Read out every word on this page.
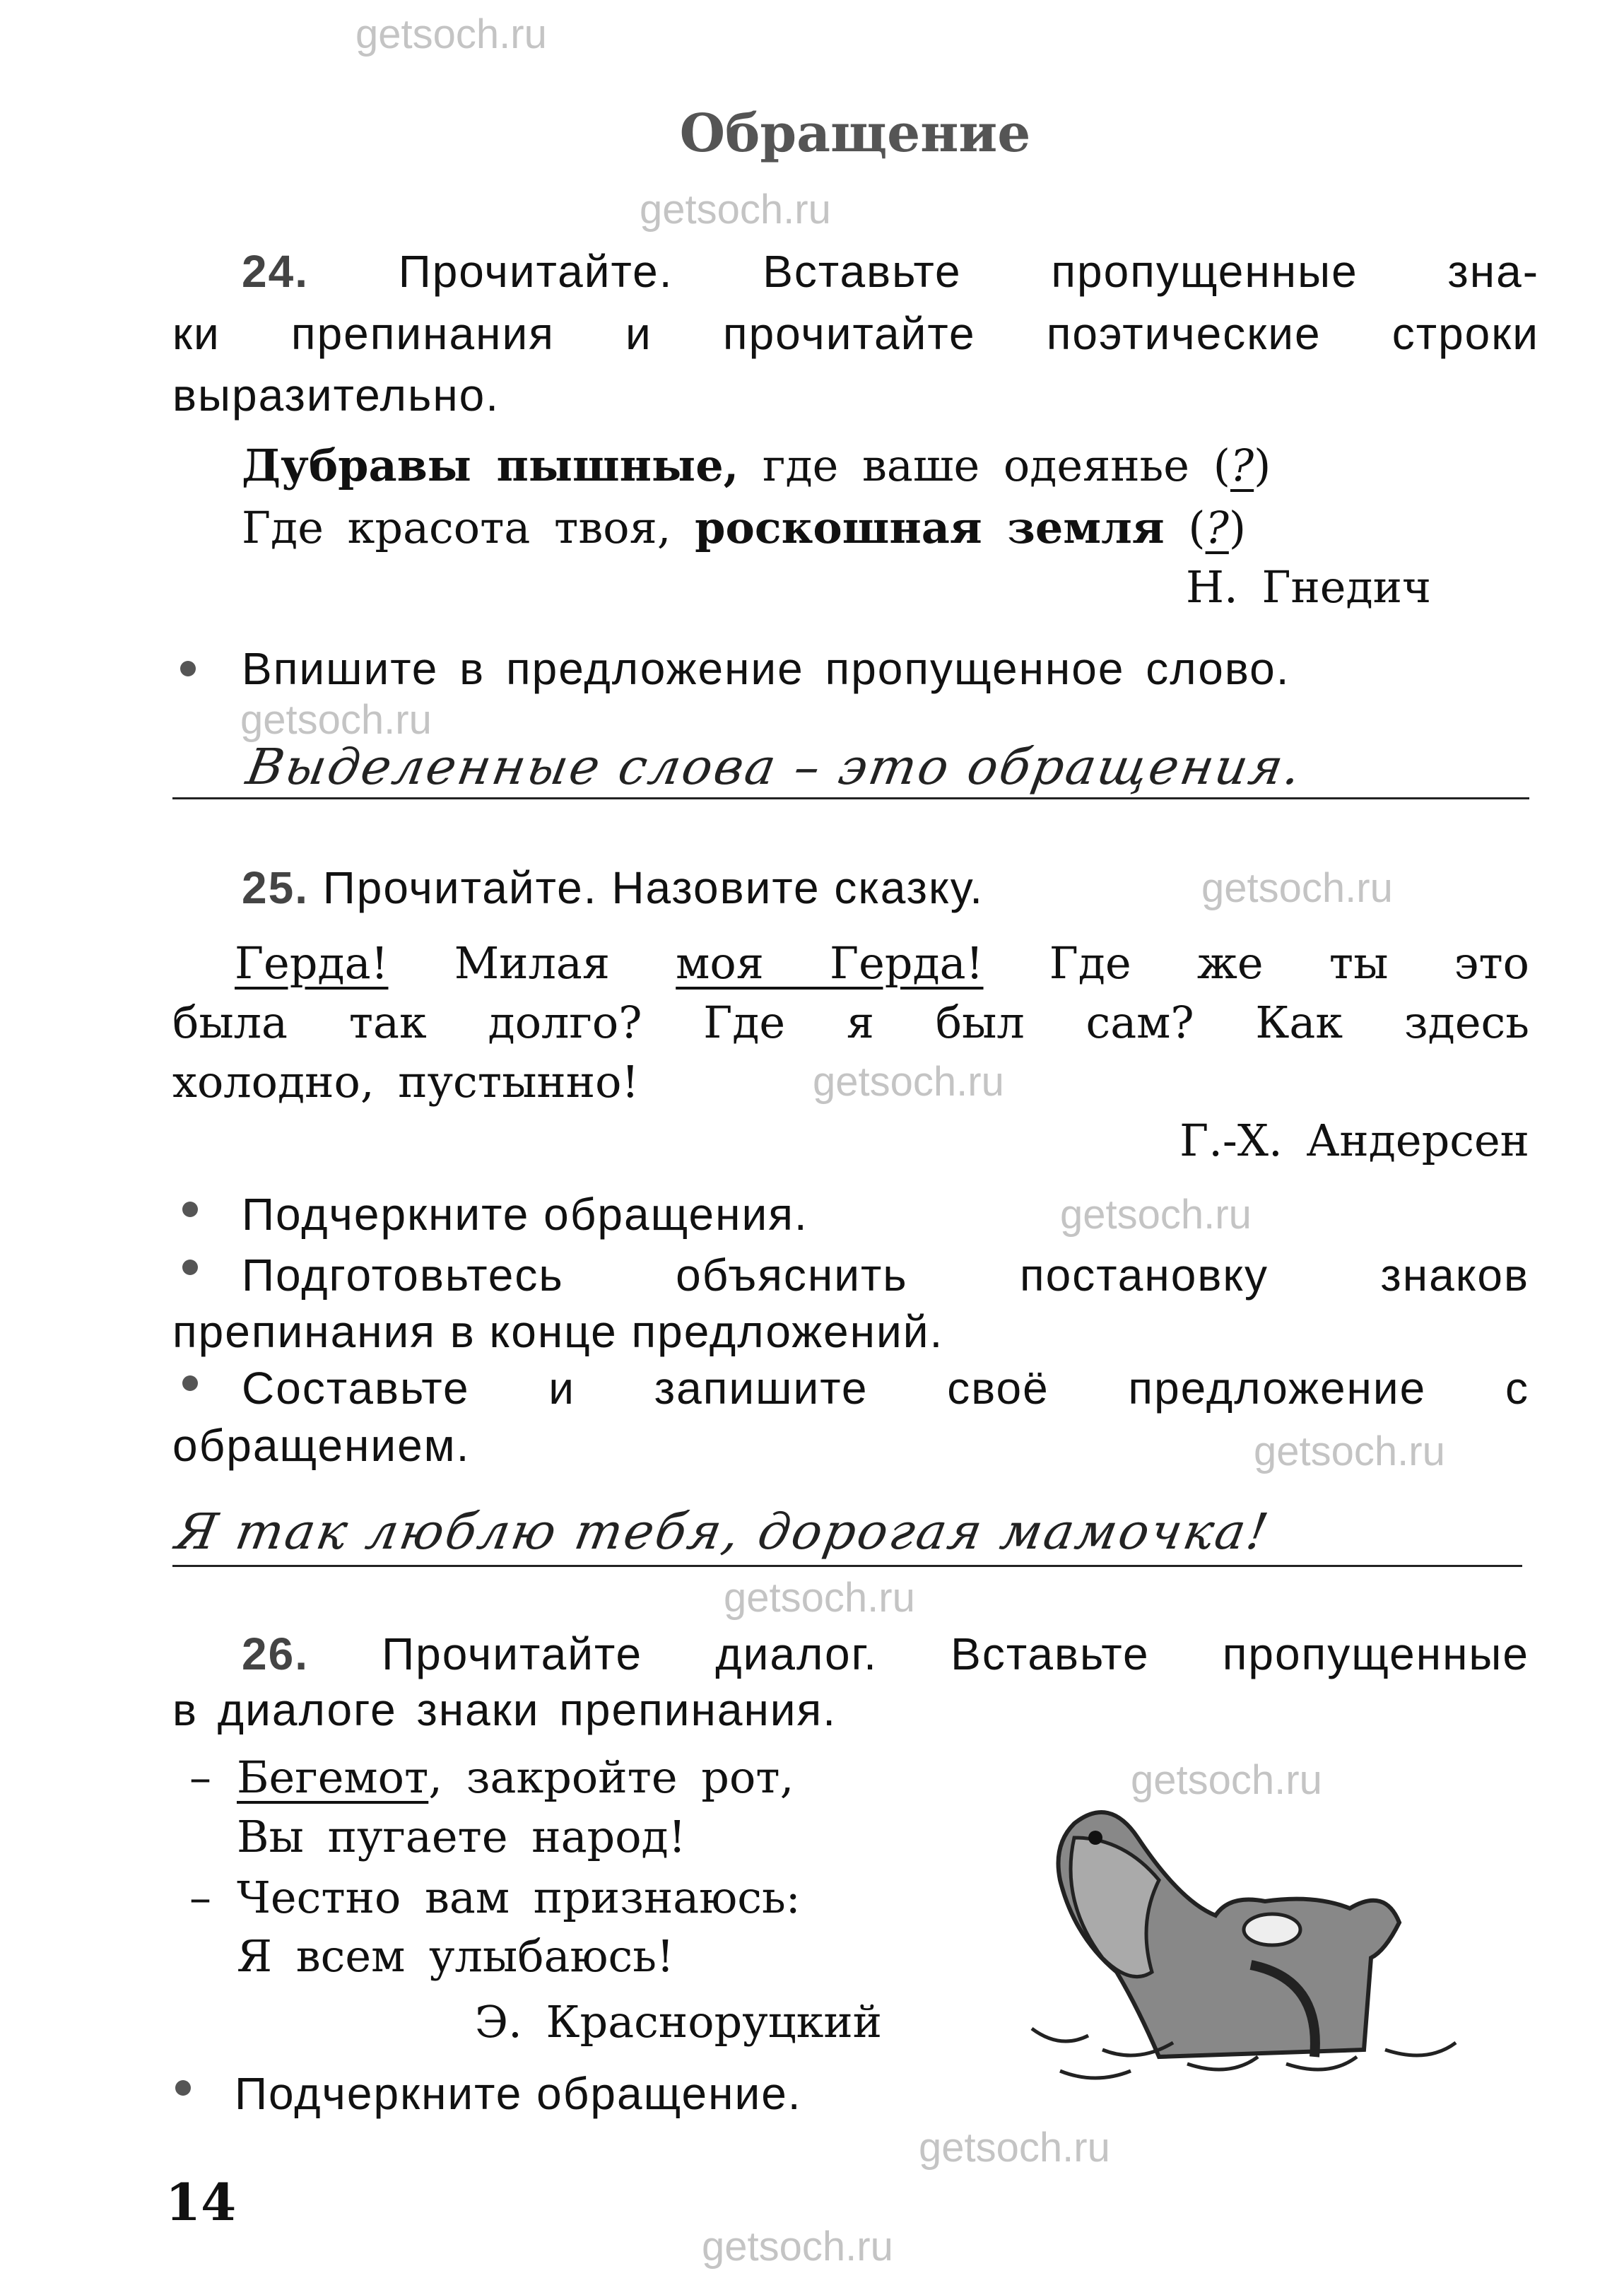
getsoch.ru
Обращение
getsoch.ru
24. Прочитайте. Вставьте пропущенные зна-
ки препинания и прочитайте поэтические строки
выразительно.
Дубравы пышные, где ваше одеянье (?)
Где красота твоя, роскошная земля (?)
Н. Гнедич
Впишите в предложение пропущенное слово.
getsoch.ru
Выделенные слова – это обращения.
25. Прочитайте. Назовите сказку.	getsoch.ru
Герда! Милая моя Герда! Где же ты это
была так долго? Где я был сам? Как здесь
холодно, пустынно!	getsoch.ru
Г.-Х. Андерсен
Подчеркните обращения.	getsoch.ru
Подготовьтесь объяснить постановку знаков
препинания в конце предложений.
Составьте и запишите своё предложение с
обращением.	getsoch.ru
Я так люблю тебя, дорогая мамочка!
getsoch.ru
26. Прочитайте диалог. Вставьте пропущенные
в диалоге знаки препинания.
– Бегемот, закройте рот,	getsoch.ru
Вы пугаете народ!
– Честно вам признаюсь:
Я всем улыбаюсь!
Э. Красноруцкий
Подчеркните обращение.
getsoch.ru
14
getsoch.ru
